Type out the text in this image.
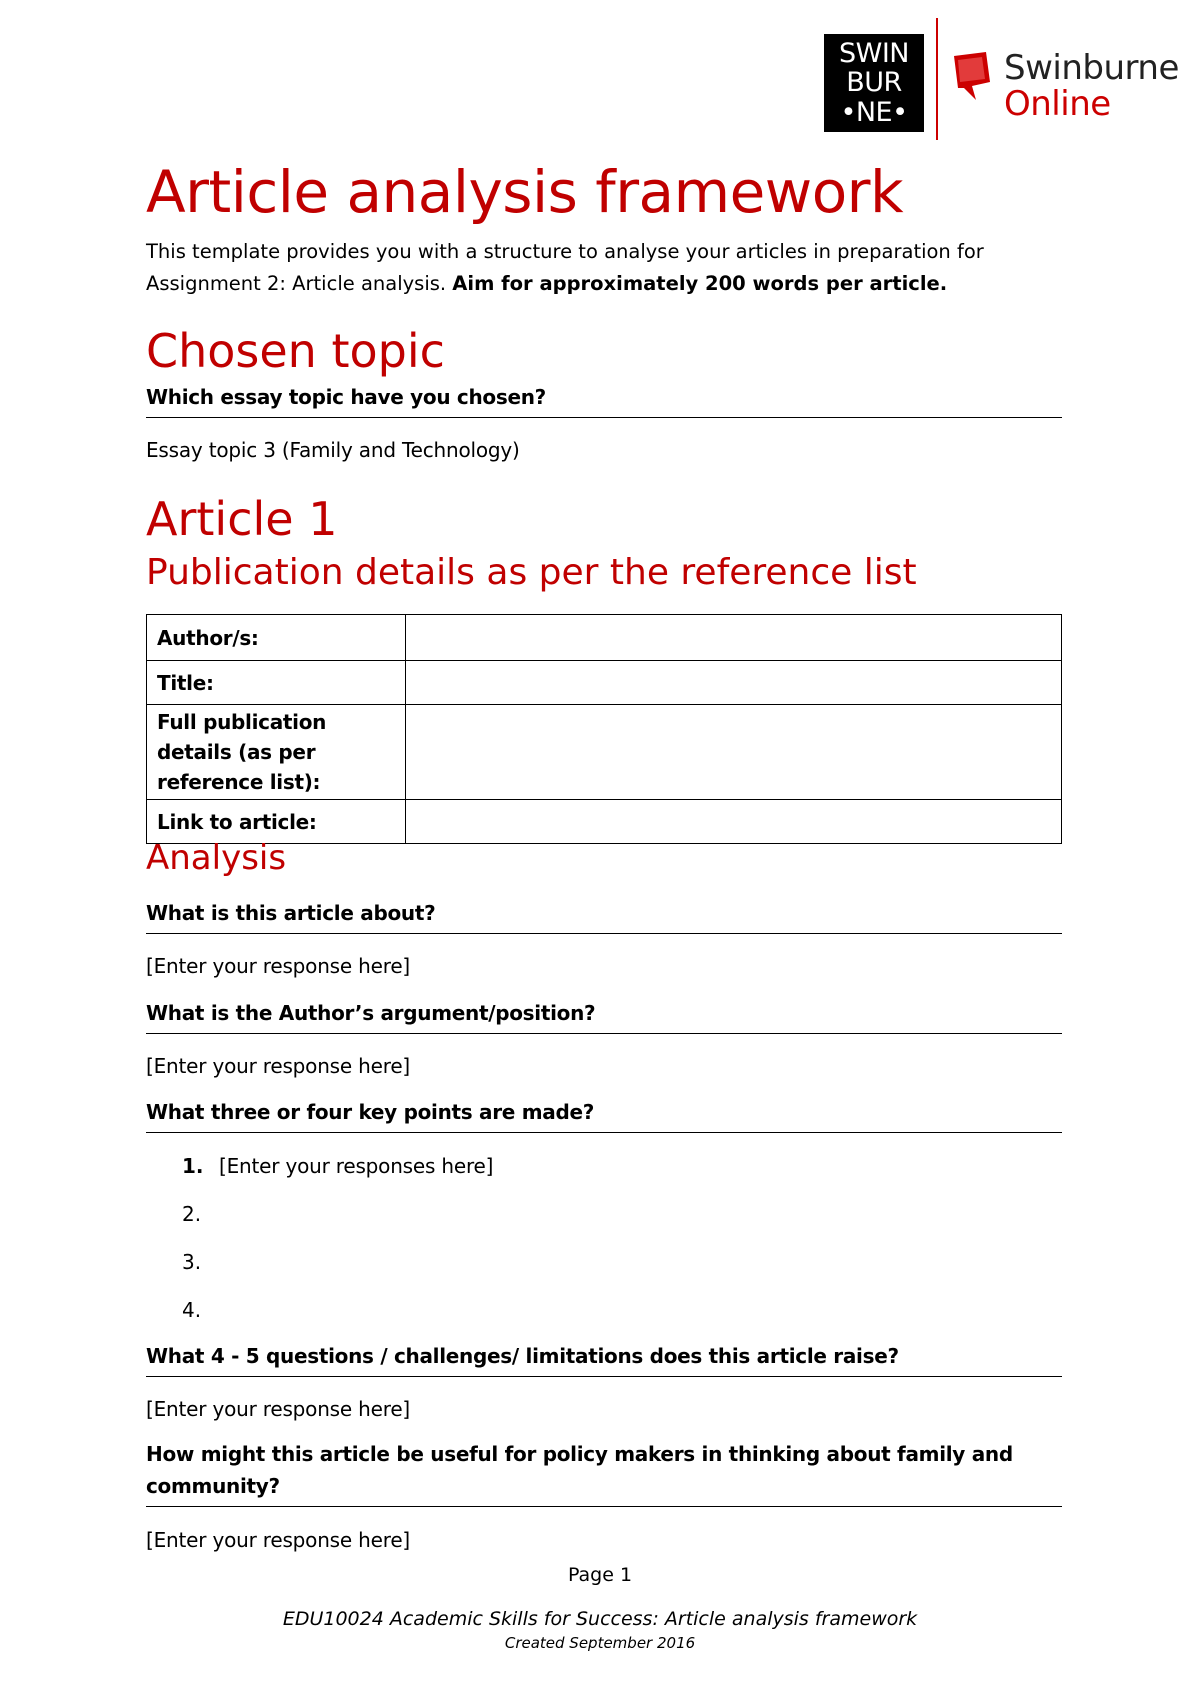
SWIN
BUR
•NE•
Swinburne
Online
Article analysis framework
This template provides you with a structure to analyse your articles in preparation for Assignment 2: Article analysis. Aim for approximately 200 words per article.
Chosen topic
Which essay topic have you chosen?
Essay topic 3 (Family and Technology)
Article 1
Publication details as per the reference list
Author/s:	
Title:	
Full publication details (as per reference list):	
Link to article:	
Analysis
What is this article about?
[Enter your response here]
What is the Author’s argument/position?
[Enter your response here]
What three or four key points are made?
1. [Enter your responses here]
2.
3.
4.
What 4 - 5 questions / challenges/ limitations does this article raise?
[Enter your response here]
How might this article be useful for policy makers in thinking about family and community?
[Enter your response here]
Page 1
EDU10024 Academic Skills for Success: Article analysis framework
Created September 2016
